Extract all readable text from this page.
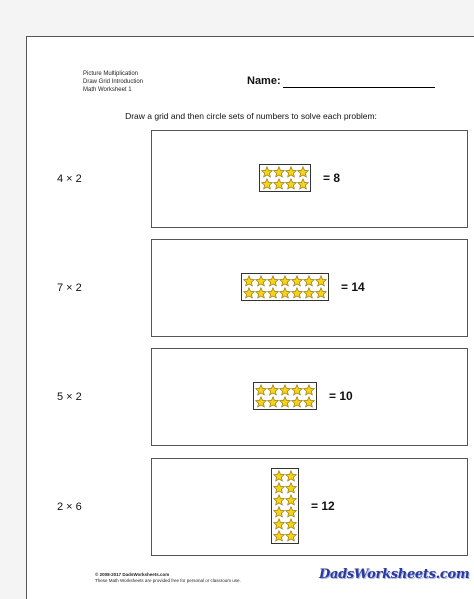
Picture Multiplication
Draw Grid Introduction
Math Worksheet 1
Name:
Draw a grid and then circle sets of numbers to solve each problem:
4 × 2	= 8
7 × 2	= 14
5 × 2	= 10
2 × 6	= 12
© 2008-2017 DadsWorksheets.com
These Math Worksheets are provided free for personal or classroom use.	DadsWorksheets.com
